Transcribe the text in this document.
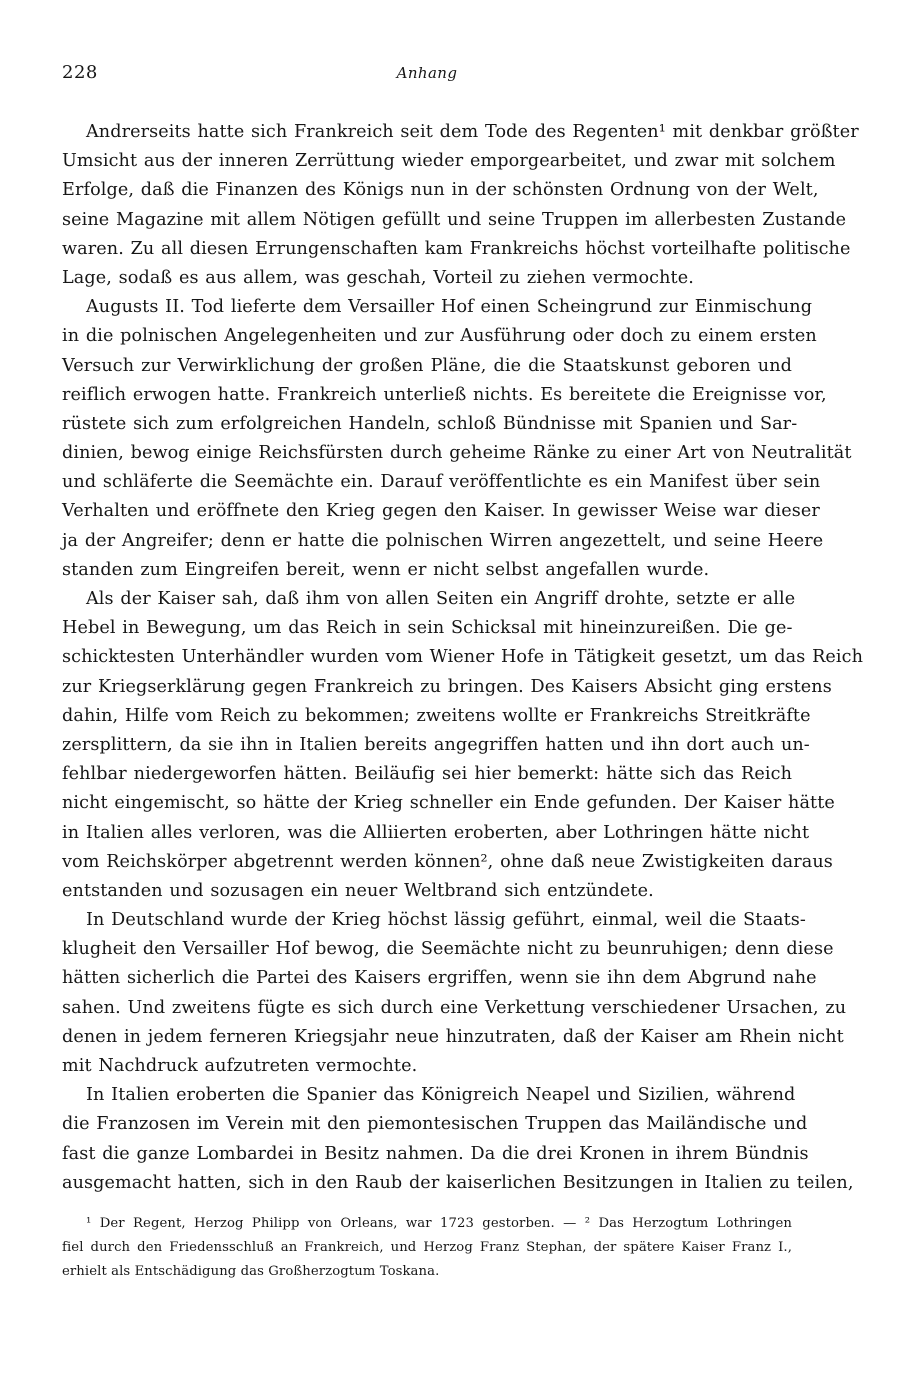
228	Anhang

Andrerseits hatte sich Frankreich seit dem Tode des Regenten¹ mit denkbar größter
Umsicht aus der inneren Zerrüttung wieder emporgearbeitet, und zwar mit solchem
Erfolge, daß die Finanzen des Königs nun in der schönsten Ordnung von der Welt,
seine Magazine mit allem Nötigen gefüllt und seine Truppen im allerbesten Zustande
waren. Zu all diesen Errungenschaften kam Frankreichs höchst vorteilhafte politische
Lage, sodaß es aus allem, was geschah, Vorteil zu ziehen vermochte.

Augusts II. Tod lieferte dem Versailler Hof einen Scheingrund zur Einmischung
in die polnischen Angelegenheiten und zur Ausführung oder doch zu einem ersten
Versuch zur Verwirklichung der großen Pläne, die die Staatskunst geboren und
reiflich erwogen hatte. Frankreich unterließ nichts. Es bereitete die Ereignisse vor,
rüstete sich zum erfolgreichen Handeln, schloß Bündnisse mit Spanien und Sar-
dinien, bewog einige Reichsfürsten durch geheime Ränke zu einer Art von Neutralität
und schläferte die Seemächte ein. Darauf veröffentlichte es ein Manifest über sein
Verhalten und eröffnete den Krieg gegen den Kaiser. In gewisser Weise war dieser
ja der Angreifer; denn er hatte die polnischen Wirren angezettelt, und seine Heere
standen zum Eingreifen bereit, wenn er nicht selbst angefallen wurde.

Als der Kaiser sah, daß ihm von allen Seiten ein Angriff drohte, setzte er alle
Hebel in Bewegung, um das Reich in sein Schicksal mit hineinzureißen. Die ge-
schicktesten Unterhändler wurden vom Wiener Hofe in Tätigkeit gesetzt, um das Reich
zur Kriegserklärung gegen Frankreich zu bringen. Des Kaisers Absicht ging erstens
dahin, Hilfe vom Reich zu bekommen; zweitens wollte er Frankreichs Streitkräfte
zersplittern, da sie ihn in Italien bereits angegriffen hatten und ihn dort auch un-
fehlbar niedergeworfen hätten. Beiläufig sei hier bemerkt: hätte sich das Reich
nicht eingemischt, so hätte der Krieg schneller ein Ende gefunden. Der Kaiser hätte
in Italien alles verloren, was die Alliierten eroberten, aber Lothringen hätte nicht
vom Reichskörper abgetrennt werden können², ohne daß neue Zwistigkeiten daraus
entstanden und sozusagen ein neuer Weltbrand sich entzündete.

In Deutschland wurde der Krieg höchst lässig geführt, einmal, weil die Staats-
klugheit den Versailler Hof bewog, die Seemächte nicht zu beunruhigen; denn diese
hätten sicherlich die Partei des Kaisers ergriffen, wenn sie ihn dem Abgrund nahe
sahen. Und zweitens fügte es sich durch eine Verkettung verschiedener Ursachen, zu
denen in jedem ferneren Kriegsjahr neue hinzutraten, daß der Kaiser am Rhein nicht
mit Nachdruck aufzutreten vermochte.

In Italien eroberten die Spanier das Königreich Neapel und Sizilien, während
die Franzosen im Verein mit den piemontesischen Truppen das Mailändische und
fast die ganze Lombardei in Besitz nahmen. Da die drei Kronen in ihrem Bündnis
ausgemacht hatten, sich in den Raub der kaiserlichen Besitzungen in Italien zu teilen,

¹ Der Regent, Herzog Philipp von Orleans, war 1723 gestorben. — ² Das Herzogtum Lothringen
fiel durch den Friedensschluß an Frankreich, und Herzog Franz Stephan, der spätere Kaiser Franz I.,
erhielt als Entschädigung das Großherzogtum Toskana.
